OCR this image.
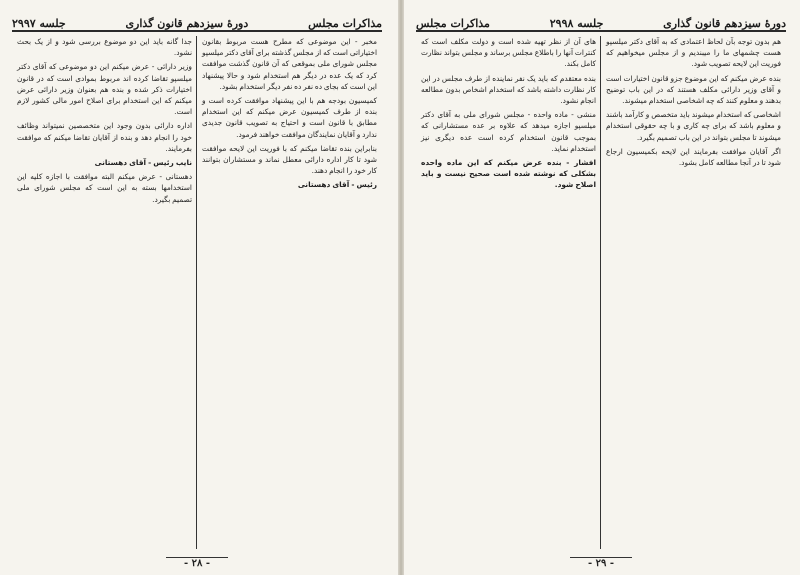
مذاکرات مجلس
دورهٔ سیزدهم قانون گذاری
جلسه ۲۹۹۷

مخبر - این موضوعی که مطرح هست مربوط بقانون اختیاراتی است که از مجلس گذشته برای آقای دکتر میلسپو مجلس شورای ملی بموقعی که آن قانون گذشت موافقت کرد که یک عده در دیگر هم استخدام شود و حالا پیشنهاد این است که بجای ده نفر ده نفر دیگر استخدام بشود.

کمیسیون بودجه هم با این پیشنهاد موافقت کرده است و بنده از طرف کمیسیون عرض میکنم که این استخدام مطابق با قانون است و احتیاج به تصویب قانون جدیدی ندارد و آقایان نمایندگان موافقت خواهند فرمود.

بنابراین بنده تقاضا میکنم که با فوریت این لایحه موافقت شود تا کار اداره دارائی معطل نماند و مستشاران بتوانند کار خود را انجام دهند.

رئیس - آقای دهستانی

جدا گانه باید این دو موضوع بررسی شود و از یک بحث نشود.

وزیر دارائی - عرض میکنم این دو موضوعی که آقای دکتر میلسپو تقاضا کرده اند مربوط بموادی است که در قانون اختیارات ذکر شده و بنده هم بعنوان وزیر دارائی عرض میکنم که این استخدام برای اصلاح امور مالی کشور لازم است.

اداره دارائی بدون وجود این متخصصین نمیتواند وظائف خود را انجام دهد و بنده از آقایان تقاضا میکنم که موافقت بفرمایند.

نایب رئیس - آقای دهستانی

دهستانی - عرض میکنم البته موافقت با اجازه کلیه این استخدامها بسته به این است که مجلس شورای ملی تصمیم بگیرد.

- ۲۸ -
دورهٔ سیزدهم قانون گذاری
جلسه ۲۹۹۸
مذاکرات مجلس

هم بدون توجه بآن لحاظ اعتمادی که به آقای دکتر میلسپو هست چشمهای ما را میبندیم و از مجلس میخواهیم که فوریت این لایحه تصویب شود.

بنده عرض میکنم که این موضوع جزو قانون اختیارات است و آقای وزیر دارائی مکلف هستند که در این باب توضیح بدهند و معلوم کنند که چه اشخاصی استخدام میشوند.

اشخاصی که استخدام میشوند باید متخصص و کارآمد باشند و معلوم باشد که برای چه کاری و با چه حقوقی استخدام میشوند تا مجلس بتواند در این باب تصمیم بگیرد.

اگر آقایان موافقت بفرمایند این لایحه بکمیسیون ارجاع شود تا در آنجا مطالعه کامل بشود.

های آن از نظر تهیه شده است و دولت مکلف است که کنترات آنها را باطلاع مجلس برساند و مجلس بتواند نظارت کامل بکند.

بنده معتقدم که باید یک نفر نماینده از طرف مجلس در این کار نظارت داشته باشد که استخدام اشخاص بدون مطالعه انجام نشود.

منشی - ماده واحده - مجلس شورای ملی به آقای دکتر میلسپو اجازه میدهد که علاوه بر عده مستشارانی که بموجب قانون استخدام کرده است عده دیگری نیز استخدام نماید.

افشار - بنده عرض میکنم که این ماده واحده بشکلی که نوشته شده است صحیح نیست و باید اصلاح شود.

- ۲۹ -
